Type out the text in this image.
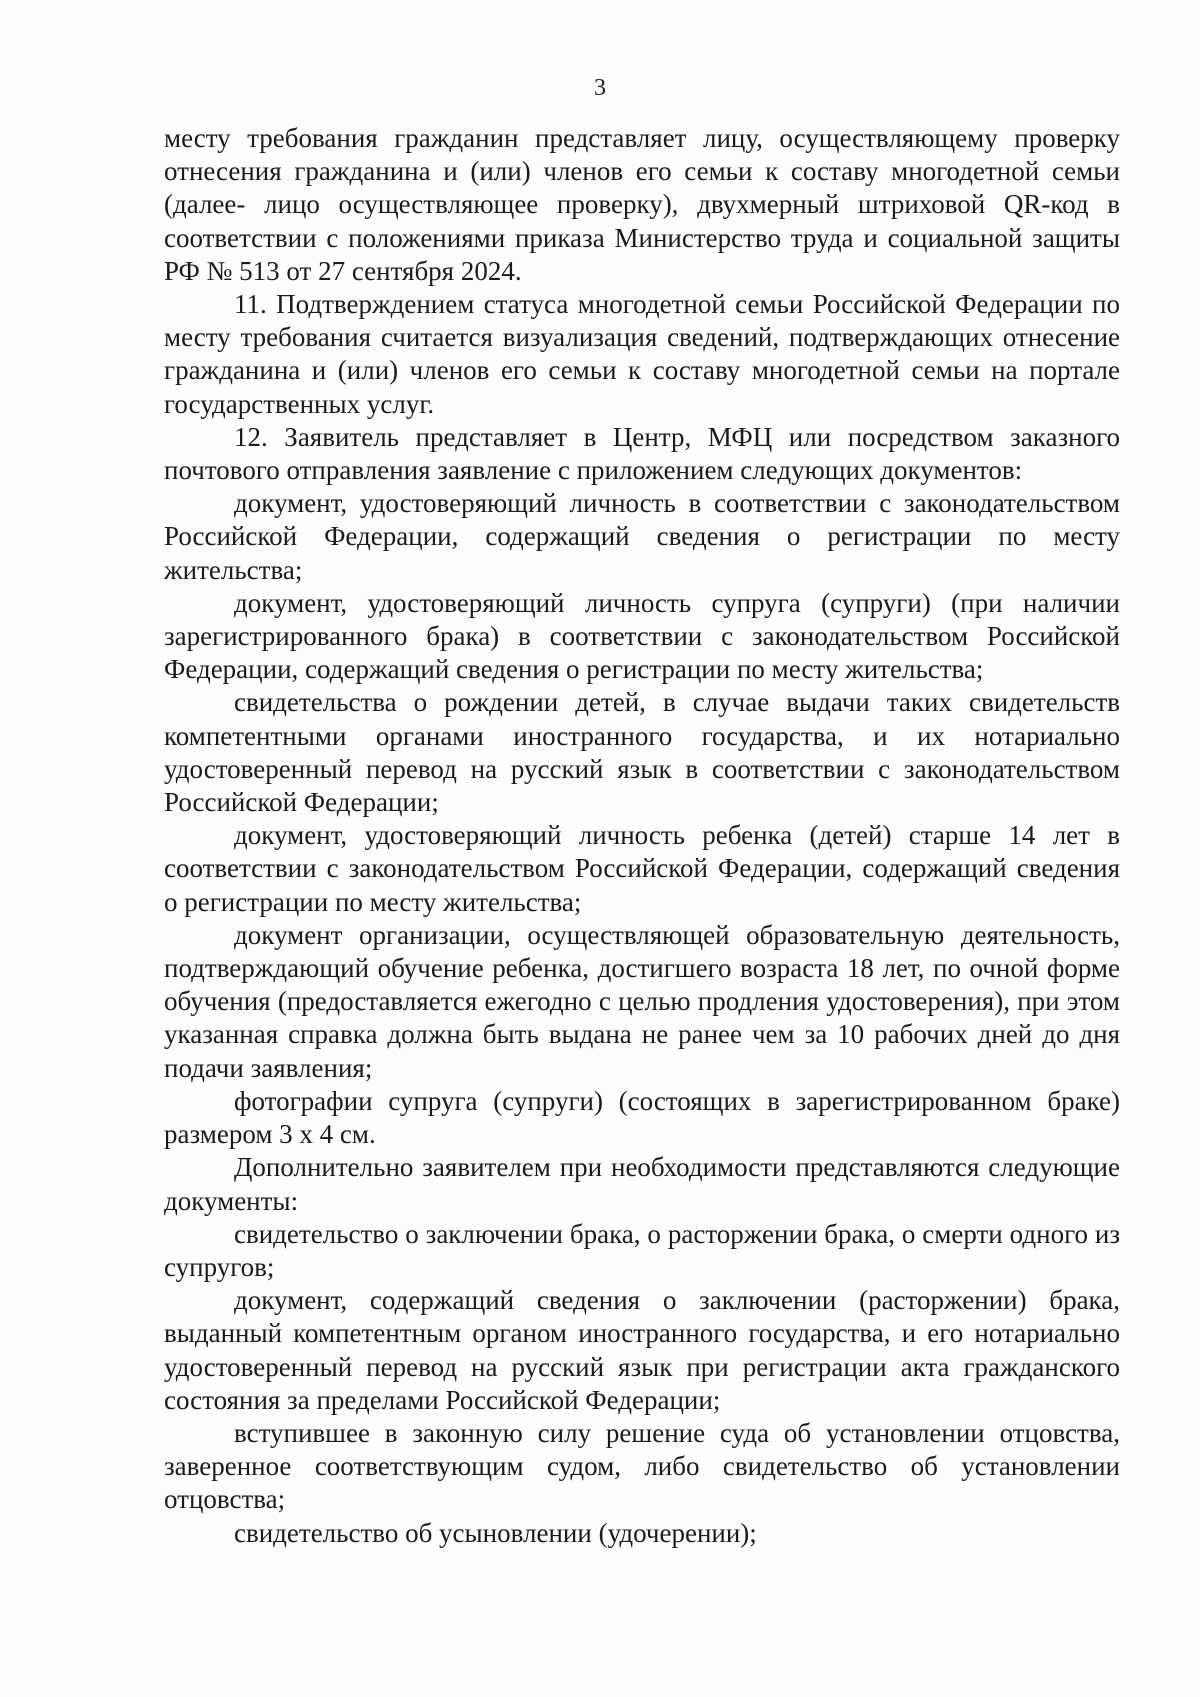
3

месту требования гражданин представляет лицу, осуществляющему проверку отнесения гражданина и (или) членов его семьи к составу многодетной семьи (далее- лицо осуществляющее проверку), двухмерный штриховой QR-код в соответствии с положениями приказа Министерство труда и социальной защиты РФ № 513 от 27 сентября 2024.

11. Подтверждением статуса многодетной семьи Российской Федерации по месту требования считается визуализация сведений, подтверждающих отнесение гражданина и (или) членов его семьи к составу многодетной семьи на портале государственных услуг.

12. Заявитель представляет в Центр, МФЦ или посредством заказного почтового отправления заявление с приложением следующих документов:

документ, удостоверяющий личность в соответствии с законодательством Российской Федерации, содержащий сведения о регистрации по месту жительства;

документ, удостоверяющий личность супруга (супруги) (при наличии зарегистрированного брака) в соответствии с законодательством Российской Федерации, содержащий сведения о регистрации по месту жительства;

свидетельства о рождении детей, в случае выдачи таких свидетельств компетентными органами иностранного государства, и их нотариально удостоверенный перевод на русский язык в соответствии с законодательством Российской Федерации;

документ, удостоверяющий личность ребенка (детей) старше 14 лет в соответствии с законодательством Российской Федерации, содержащий сведения о регистрации по месту жительства;

документ организации, осуществляющей образовательную деятельность, подтверждающий обучение ребенка, достигшего возраста 18 лет, по очной форме обучения (предоставляется ежегодно с целью продления удостоверения), при этом указанная справка должна быть выдана не ранее чем за 10 рабочих дней до дня подачи заявления;

фотографии супруга (супруги) (состоящих в зарегистрированном браке) размером 3 х 4 см.

Дополнительно заявителем при необходимости представляются следующие документы:

свидетельство о заключении брака, о расторжении брака, о смерти одного из супругов;

документ, содержащий сведения о заключении (расторжении) брака, выданный компетентным органом иностранного государства, и его нотариально удостоверенный перевод на русский язык при регистрации акта гражданского состояния за пределами Российской Федерации;

вступившее в законную силу решение суда об установлении отцовства, заверенное соответствующим судом, либо свидетельство об установлении отцовства;

свидетельство об усыновлении (удочерении);
